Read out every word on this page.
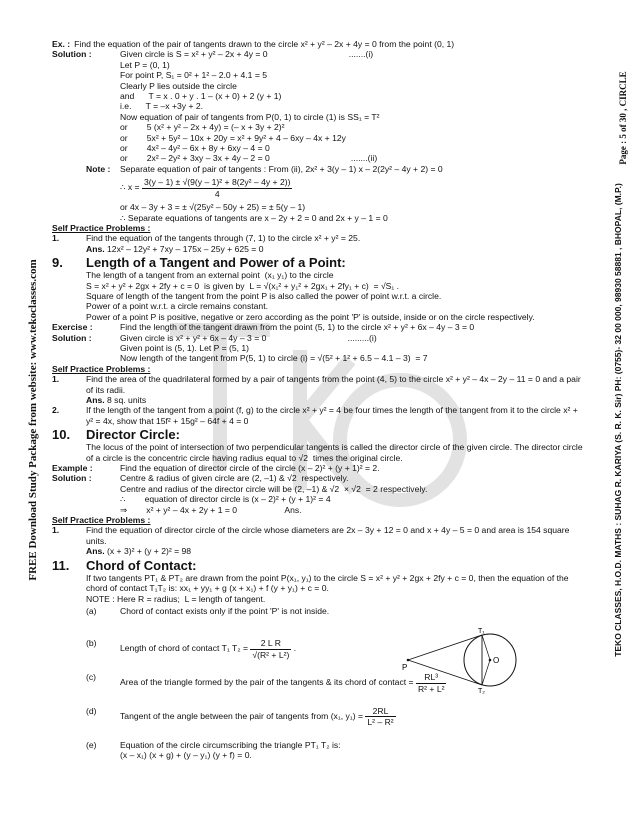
FREE Download Study Package from website: www.tekoclasses.com
Page : 5 of 30 , CIRCLE
TEKO CLASSES, H.O.D. MATHS : SUHAG R. KARIYA (S. R. K. Sir) PH: (0755)- 32 00 000, 98930 58881 , BHOPAL, (M.P.)
Ex. : Find the equation of the pair of tangents drawn to the circle x² + y² – 2x + 4y = 0 from the point (0, 1)
Solution :	Given circle is S = x² + y² – 2x + 4y = 0                                  .......(i)
Let P = (0, 1)
For point P, S₁ = 0² + 1² – 2.0 + 4.1 = 5
Clearly P lies outside the circle
and      T = x . 0 + y . 1 – (x + 0) + 2 (y + 1)
i.e.      T = –x +3y + 2.
Now equation of pair of tangents from P(0, 1) to circle (1) is SS₁ = T²
or        5 (x² + y² – 2x + 4y) = (– x + 3y + 2)²
or        5x² + 5y² – 10x + 20y = x² + 9y² + 4 – 6xy – 4x + 12y
or        4x² – 4y² – 6x + 8y + 6xy – 4 = 0
or        2x² – 2y² + 3xy – 3x + 4y – 2 = 0                                  .......(ii)
Note :	Separate equation of pair of tangents : From (ii), 2x² + 3(y – 1) x – 2(2y² – 4y + 2) = 0
∴ $x = \frac{\text{3(y – 1) ± √(9(y – 1)² + 8(2y² – 4y + 2))}}{4}$
or 4x – 3y + 3 = ± √(25y² – 50y + 25) = ± 5(y – 1)
∴ Separate equations of tangents are x – 2y + 2 = 0 and 2x + y – 1 = 0
Self Practice Problems :
1.	Find the equation of the tangents through (7, 1) to the circle x² + y² = 25.
Ans. 12x² – 12y² + 7xy – 175x – 25y + 625 = 0
9. Length of a Tangent and Power of a Point:
The length of a tangent from an external point  (x₁ y₁) to the circle
S = x² + y² + 2gx + 2fy + c = 0  is given by  L = √(x₁² + y₁² + 2gx₁ + 2fy₁ + c)  = √S₁ .
Square of length of the tangent from the point P is also called the power of point w.r.t. a circle.
Power of a point w.r.t. a circle remains constant.
Power of a point P is positive, negative or zero according as the point 'P' is outside, inside or on the circle respectively.
Exercise :	Find the length of the tangent drawn from the point (5, 1) to the circle x² + y² + 6x – 4y – 3 = 0
Solution :	Given circle is x² + y² + 6x – 4y – 3 = 0                                  .........(i)
Given point is (5, 1). Let P = (5, 1)
Now length of the tangent from P(5, 1) to circle (i) = √(5² + 1² + 6.5 – 4.1 – 3)  = 7
Self Practice Problems :
1.	Find the area of the quadrilateral formed by a pair of tangents from the point (4, 5) to the circle x² + y² – 4x – 2y – 11 = 0 and a pair of its radii.
Ans. 8 sq. units
2.	If the length of the tangent from a point (f, g) to the circle x² + y² = 4 be four times the length of the tangent from it to the circle x² + y² = 4x, show that 15f² + 15g² – 64f + 4 = 0
10. Director Circle:
The locus of the point of intersection of two perpendicular tangents is called the director circle of the given circle. The director circle of a circle is the concentric circle having radius equal to √2  times the original circle.
Example :	Find the equation of director circle of the circle (x – 2)² + (y + 1)² = 2.
Solution :	Centre & radius of given circle are (2, –1) & √2  respectively.
Centre and radius of the director circle will be (2, –1) & √2  × √2  = 2 respectively.
∴        equation of director circle is (x – 2)² + (y + 1)² = 4
⇒        x² + y² – 4x + 2y + 1 = 0                    Ans.
Self Practice Problems :
1.	Find the equation of director circle of the circle whose diameters are 2x – 3y + 12 = 0 and x + 4y – 5 = 0 and area is 154 square units.
Ans. (x + 3)² + (y + 2)² = 98
11. Chord of Contact:
If two tangents PT₁ & PT₂ are drawn from the point P(x₁, y₁) to the circle S = x² + y² + 2gx + 2fy + c = 0, then the equation of the chord of contact T₁T₂ is: xx₁ + yy₁ + g (x + x₁) + f (y + y₁) + c = 0.
NOTE : Here R = radius;  L = length of tangent.
(a)	Chord of contact exists only if the point 'P' is not inside.
(b)
Length of chord of contact T₁ $T_2 = \frac{\text{2 L R}}{\text{√(R² + L²)}}$ .
(c)
Area of the triangle formed by the pair of the tangents & its chord of contact = $\frac{\text{RL³}}{\text{R² + L²}}$
(d)
Tangent of the angle between the pair of tangents from (x₁, $y_1) = \frac{2RL}{\text{L² – R²}}$
(e)	Equation of the circle circumscribing the triangle PT₁ T₂ is:
(x – x₁) (x + g) + (y – y₁) (y + f) = 0.
P
O
T₁
T₂
